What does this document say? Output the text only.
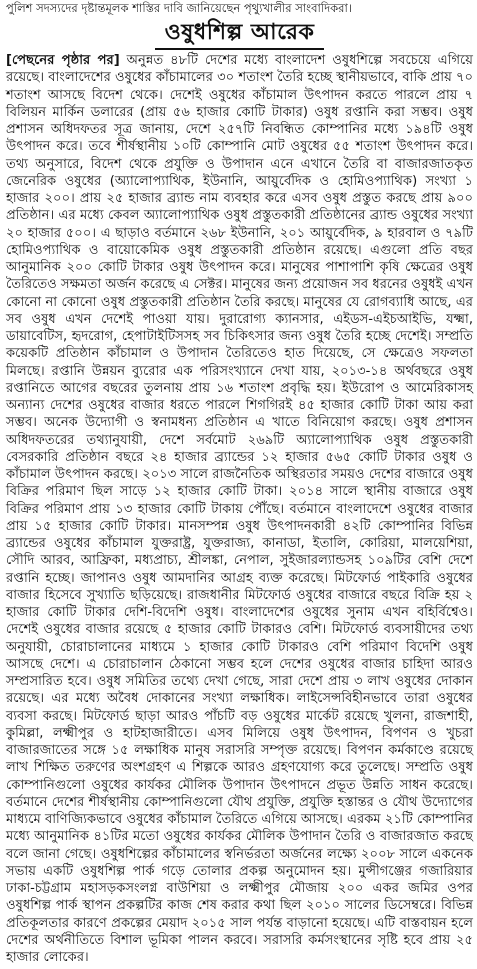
পুলিশ সদস্যদের দৃষ্টান্তমূলক শাস্তির দাবি জানিয়েছেন পৃথ্যুখালীর সাংবাদিকরা।
ওষুধশিল্প আরেক

[পেছনের পৃষ্ঠার পর] অনুন্নত ৪৮টি দেশের মধ্যে বাংলাদেশ ওষুধশিল্পে সবচেয়ে এগিয়ে রয়েছে। বাংলাদেশের ওষুধের কাঁচামালের ৩০ শতাংশ তৈরি হচ্ছে স্থানীয়ভাবে, বাকি প্রায় ৭০ শতাংশ আসছে বিদেশ থেকে। দেশেই ওষুধের কাঁচামাল উৎপাদন করতে পারলে প্রায় ৭ বিলিয়ন মার্কিন ডলারের (প্রায় ৫৬ হাজার কোটি টাকার) ওষুধ রপ্তানি করা সম্ভব। ওষুধ প্রশাসন অধিদফতর সূত্র জানায়, দেশে ২৫৭টি নিবন্ধিত কোম্পানির মধ্যে ১৯৪টি ওষুধ উৎপাদন করে। তবে শীর্ষস্থানীয় ১০টি কোম্পানি মোট ওষুধের ৫৫ শতাংশ উৎপাদন করে। তথ্য অনুসারে, বিদেশ থেকে প্রযুক্তি ও উপাদান এনে এখানে তৈরি বা বাজারজাতকৃত জেনেরিক ওষুধের (অ্যালোপ্যাথিক, ইউনানি, আয়ুর্বেদিক ও হোমিওপ্যাথিক) সংখ্যা ১ হাজার ২০০। প্রায় ২৫ হাজার ব্র্যান্ড নাম ব্যবহার করে এসব ওষুধ প্রস্তুত করছে প্রায় ৯০০ প্রতিষ্ঠান। এর মধ্যে কেবল অ্যালোপ্যাথিক ওষুধ প্রস্তুতকারী প্রতিষ্ঠানের ব্র্যান্ড ওষুধের সংখ্যা ২০ হাজার ৫০০। এ ছাড়াও বর্তমানে ২৬৮ ইউনানি, ২০১ আয়ুর্বেদিক, ৯ হারবাল ও ৭৯টি হোমিওপ্যাথিক ও বায়োকেমিক ওষুধ প্রস্তুতকারী প্রতিষ্ঠান রয়েছে। এগুলো প্রতি বছর আনুমানিক ২০০ কোটি টাকার ওষুধ উৎপাদন করে। মানুষের পাশাপাশি কৃষি ক্ষেত্রের ওষুধ তৈরিতেও সক্ষমতা অর্জন করেছে এ সেক্টর। মানুষের জন্য প্রয়োজন সব ধরনের ওষুধই এখন কোনো না কোনো ওষুধ প্রস্তুতকারী প্রতিষ্ঠান তৈরি করছে। মানুষের যে রোগব্যাধি আছে, এর সব ওষুধ এখন দেশেই পাওয়া যায়। দুরারোগ্য ক্যানসার, এইডস-এইচআইভি, যক্ষ্মা, ডায়াবেটিস, হৃদরোগ, হেপাটাইটিসসহ সব চিকিৎসার জন্য ওষুধ তৈরি হচ্ছে দেশেই। সম্প্রতি কয়েকটি প্রতিষ্ঠান কাঁচামাল ও উপাদান তৈরিতেও হাত দিয়েছে, সে ক্ষেত্রেও সফলতা মিলছে। রপ্তানি উন্নয়ন ব্যুরোর এক পরিসংখ্যানে দেখা যায়, ২০১৩-১৪ অর্থবছরে ওষুধ রপ্তানিতে আগের বছরের তুলনায় প্রায় ১৬ শতাংশ প্রবৃদ্ধি হয়। ইউরোপ ও আমেরিকাসহ অন্যান্য দেশের ওষুধের বাজার ধরতে পারলে শিগগিরই ৪৫ হাজার কোটি টাকা আয় করা সম্ভব। অনেক উদ্যোগী ও স্বনামধন্য প্রতিষ্ঠান এ খাতে বিনিয়োগ করছে। ওষুধ প্রশাসন অধিদফতরের তথ্যানুযায়ী, দেশে সর্বমোট ২৬৯টি অ্যালোপ্যাথিক ওষুধ প্রস্তুতকারী বেসরকারি প্রতিষ্ঠান বছরে ২৪ হাজার ব্র্যান্ডের ১২ হাজার ৫৬৫ কোটি টাকার ওষুধ ও কাঁচামাল উৎপাদন করছে। ২০১৩ সালে রাজনৈতিক অস্থিরতার সময়ও দেশের বাজারে ওষুধ বিক্রির পরিমাণ ছিল সাড়ে ১২ হাজার কোটি টাকা। ২০১৪ সালে স্থানীয় বাজারে ওষুধ বিক্রির পরিমাণ প্রায় ১৩ হাজার কোটি টাকায় পৌঁছে। বর্তমানে বাংলাদেশে ওষুধের বাজার প্রায় ১৫ হাজার কোটি টাকার। মানসম্পন্ন ওষুধ উৎপাদনকারী ৪২টি কোম্পানির বিভিন্ন ব্র্যান্ডের ওষুধের কাঁচামাল যুক্তরাষ্ট্র, যুক্তরাজ্য, কানাডা, ইতালি, কোরিয়া, মালয়েশিয়া, সৌদি আরব, আফ্রিকা, মধ্যপ্রাচ্য, শ্রীলঙ্কা, নেপাল, সুইজারল্যান্ডসহ ১০৯টির বেশি দেশে রপ্তানি হচ্ছে। জাপানও ওষুধ আমদানির আগ্রহ ব্যক্ত করেছে। মিটফোর্ড পাইকারি ওষুধের বাজার হিসেবে সুখ্যাতি ছড়িয়েছে। রাজধানীর মিটফোর্ড ওষুধের বাজারে বছরে বিক্রি হয় ২ হাজার কোটি টাকার দেশি-বিদেশি ওষুধ। বাংলাদেশের ওষুধের সুনাম এখন বহির্বিশ্বেও। দেশেই ওষুধের বাজার রয়েছে ৫ হাজার কোটি টাকারও বেশি। মিটফোর্ড ব্যবসায়ীদের তথ্য অনুযায়ী, চোরাচালানের মাধ্যমে ১ হাজার কোটি টাকারও বেশি পরিমাণ বিদেশি ওষুধ আসছে দেশে। এ চোরাচালান ঠেকানো সম্ভব হলে দেশের ওষুধের বাজার চাহিদা আরও সম্প্রসারিত হবে। ওষুধ সমিতির তথ্যে দেখা গেছে, সারা দেশে প্রায় ৩ লাখ ওষুধের দোকান রয়েছে। এর মধ্যে অবৈধ দোকানের সংখ্যা লক্ষাধিক। লাইসেন্সবিহীনভাবে তারা ওষুধের ব্যবসা করছে। মিটফোর্ড ছাড়া আরও পাঁচটি বড় ওষুধের মার্কেট রয়েছে খুলনা, রাজশাহী, কুমিল্লা, লক্ষ্মীপুর ও হাটহাজারীতে। এসব মিলিয়ে ওষুধ উৎপাদন, বিপণন ও খুচরা বাজারজাতের সঙ্গে ১৫ লক্ষাধিক মানুষ সরাসরি সম্পৃক্ত রয়েছে। বিপণন কর্মকাণ্ডে রয়েছে লাখ শিক্ষিত তরুণের অংশগ্রহণ এ শিল্পকে আরও গ্রহণযোগ্য করে তুলেছে। সম্প্রতি ওষুধ কোম্পানিগুলো ওষুধের কার্যকর মৌলিক উপাদান উৎপাদনে প্রভূত উন্নতি সাধন করেছে। বর্তমানে দেশের শীর্ষস্থানীয় কোম্পানিগুলো যৌথ প্রযুক্তি, প্রযুক্তি হস্তান্তর ও যৌথ উদ্যোগের মাধ্যমে বাণিজ্যিকভাবে ওষুধের কাঁচামাল তৈরিতে এগিয়ে আসছে। এরকম ২১টি কোম্পানির মধ্যে আনুমানিক ৪১টির মতো ওষুধের কার্যকর মৌলিক উপাদান তৈরি ও বাজারজাত করছে বলে জানা গেছে। ওষুধশিল্পের কাঁচামালের স্বনির্ভরতা অর্জনের লক্ষ্যে ২০০৮ সালে একনেক সভায় একটি ওষুধশিল্প পার্ক গড়ে তোলার প্রকল্প অনুমোদন হয়। মুন্সীগঞ্জের গজারিয়ার ঢাকা-চট্টগ্রাম মহাসড়কসংলগ্ন বাউশিয়া ও লক্ষ্মীপুর মৌজায় ২০০ একর জমির ওপর ওষুধশিল্প পার্ক স্থাপন প্রকল্পটির কাজ শেষ করার কথা ছিল ২০১০ সালের ডিসেম্বরে। বিভিন্ন প্রতিকূলতার কারণে প্রকল্পের মেয়াদ ২০১৫ সাল পর্যন্ত বাড়ানো হয়েছে। এটি বাস্তবায়ন হলে দেশের অর্থনীতিতে বিশাল ভূমিকা পালন করবে। সরাসরি কর্মসংস্থানের সৃষ্টি হবে প্রায় ২৫ হাজার লোকের।
